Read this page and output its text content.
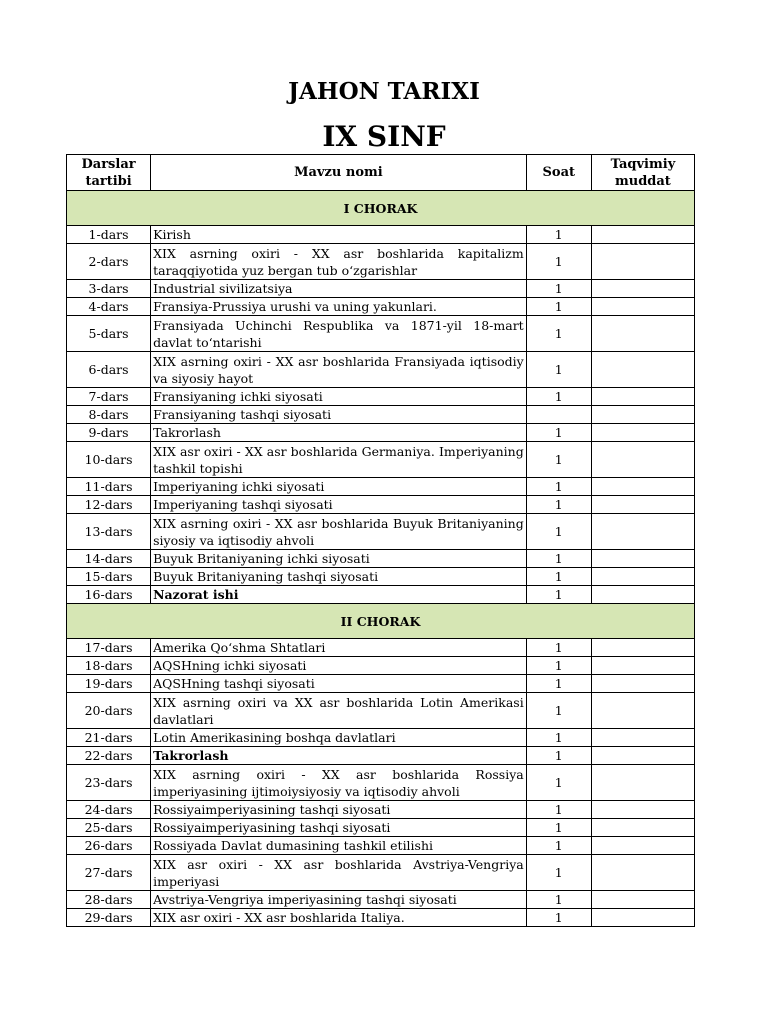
JAHON TARIXI
IX SINF
Darslar tartibi	Mavzu nomi	Soat	Taqvimiy muddat
I CHORAK			
1-dars	Kirish	1	
2-dars	XIX asrning oxiri - XX asr boshlarida kapitalizm taraqqiyotida yuz bergan tub o‘zgarishlar	1	
3-dars	Industrial sivilizatsiya	1	
4-dars	Fransiya-Prussiya urushi va uning yakunlari.	1	
5-dars	Fransiyada Uchinchi Respublika va 1871-yil 18-mart davlat to‘ntarishi	1	
6-dars	XIX asrning oxiri - XX asr boshlarida Fransiyada iqtisodiy va siyosiy hayot	1	
7-dars	Fransiyaning ichki siyosati	1	
8-dars	Fransiyaning tashqi siyosati		
9-dars	Takrorlash	1	
10-dars	XIX asr oxiri - XX asr boshlarida Germaniya. Imperiyaning tashkil topishi	1	
11-dars	Imperiyaning ichki siyosati	1	
12-dars	Imperiyaning tashqi siyosati	1	
13-dars	XIX asrning oxiri - XX asr boshlarida Buyuk Britaniyaning siyosiy va iqtisodiy ahvoli	1	
14-dars	Buyuk Britaniyaning ichki siyosati	1	
15-dars	Buyuk Britaniyaning tashqi siyosati	1	
16-dars	Nazorat ishi	1	
II CHORAK			
17-dars	Amerika Qo‘shma Shtatlari	1	
18-dars	AQSHning ichki siyosati	1	
19-dars	AQSHning tashqi siyosati	1	
20-dars	XIX asrning oxiri va XX asr boshlarida Lotin Amerikasi davlatlari	1	
21-dars	Lotin Amerikasining boshqa davlatlari	1	
22-dars	Takrorlash	1	
23-dars	XIX asrning oxiri - XX asr boshlarida Rossiya imperiyasining ijtimoiysiyosiy va iqtisodiy ahvoli	1	
24-dars	Rossiyaimperiyasining tashqi siyosati	1	
25-dars	Rossiyaimperiyasining tashqi siyosati	1	
26-dars	Rossiyada Davlat dumasining tashkil etilishi	1	
27-dars	XIX asr oxiri - XX asr boshlarida Avstriya-Vengriya imperiyasi	1	
28-dars	Avstriya-Vengriya imperiyasining tashqi siyosati	1	
29-dars	XIX asr oxiri - XX asr boshlarida Italiya.	1	
